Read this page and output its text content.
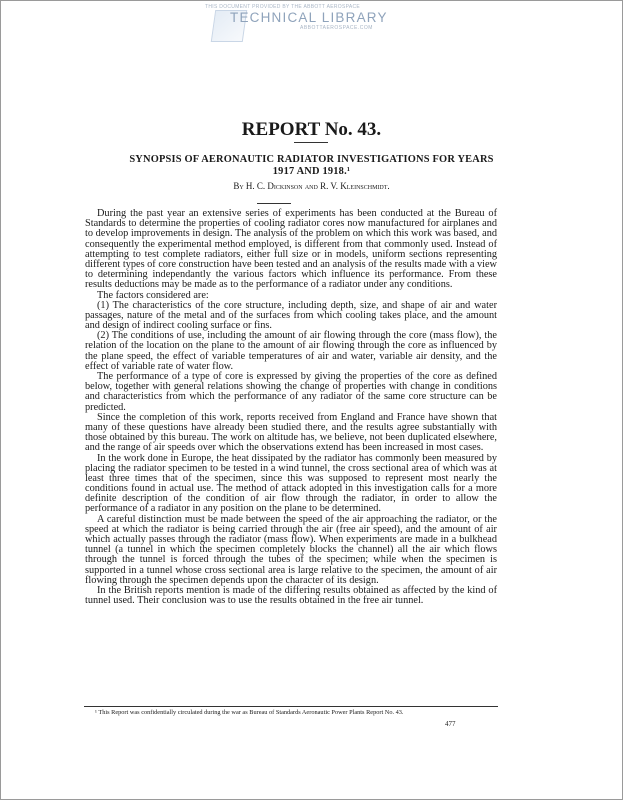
THIS DOCUMENT PROVIDED BY THE ABBOTT AEROSPACE
TECHNICAL LIBRARY
ABBOTTAEROSPACE.COM
REPORT No. 43.
SYNOPSIS OF AERONAUTIC RADIATOR INVESTIGATIONS FOR YEARS
1917 AND 1918.¹
By H. C. Dickinson and R. V. Kleinschmidt.

During the past year an extensive series of experiments has been conducted at the Bureau of Standards to determine the properties of cooling radiator cores now manufactured for airplanes and to develop improvements in design. The analysis of the problem on which this work was based, and consequently the experimental method employed, is different from that commonly used. Instead of attempting to test complete radiators, either full size or in models, uniform sections representing different types of core construction have been tested and an analysis of the results made with a view to determining independantly the various factors which influence its performance. From these results deductions may be made as to the performance of a radiator under any conditions.

The factors considered are:

(1) The characteristics of the core structure, including depth, size, and shape of air and water passages, nature of the metal and of the surfaces from which cooling takes place, and the amount and design of indirect cooling surface or fins.

(2) The conditions of use, including the amount of air flowing through the core (mass flow), the relation of the location on the plane to the amount of air flowing through the core as influenced by the plane speed, the effect of variable temperatures of air and water, variable air density, and the effect of variable rate of water flow.

The performance of a type of core is expressed by giving the properties of the core as defined below, together with general relations showing the change of properties with change in conditions and characteristics from which the performance of any radiator of the same core structure can be predicted.

Since the completion of this work, reports received from England and France have shown that many of these questions have already been studied there, and the results agree substantially with those obtained by this bureau. The work on altitude has, we believe, not been duplicated elsewhere, and the range of air speeds over which the observations extend has been increased in most cases.

In the work done in Europe, the heat dissipated by the radiator has commonly been measured by placing the radiator specimen to be tested in a wind tunnel, the cross sectional area of which was at least three times that of the specimen, since this was supposed to represent most nearly the conditions found in actual use. The method of attack adopted in this investigation calls for a more definite description of the condition of air flow through the radiator, in order to allow the performance of a radiator in any position on the plane to be determined.

A careful distinction must be made between the speed of the air approaching the radiator, or the speed at which the radiator is being carried through the air (free air speed), and the amount of air which actually passes through the radiator (mass flow). When experiments are made in a bulkhead tunnel (a tunnel in which the specimen completely blocks the channel) all the air which flows through the tunnel is forced through the tubes of the specimen; while when the specimen is supported in a tunnel whose cross sectional area is large relative to the specimen, the amount of air flowing through the specimen depends upon the character of its design.

In the British reports mention is made of the differing results obtained as affected by the kind of tunnel used. Their conclusion was to use the results obtained in the free air tunnel.

¹ This Report was confidentially circulated during the war as Bureau of Standards Aeronautic Power Plants Report No. 43.
477
